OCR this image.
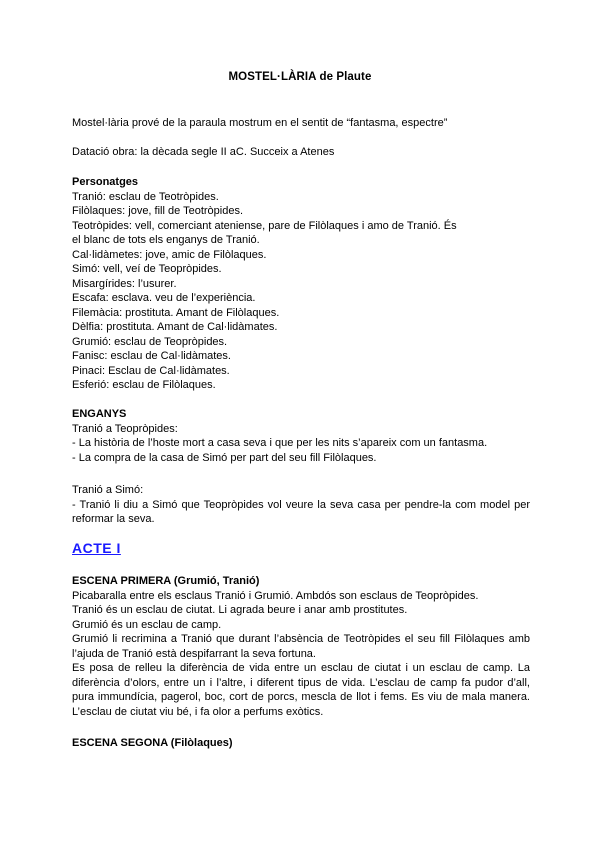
MOSTEL·LÀRIA de Plaute
Mostel·lària prové de la paraula mostrum en el sentit de “fantasma, espectre”
Datació obra: la dècada segle II aC. Succeix a Atenes
Personatges
Tranió: esclau de Teotròpides.
Filòlaques: jove, fill de Teotròpides.
Teotròpides: vell, comerciant ateniense, pare de Filòlaques i amo de Tranió. És
el blanc de tots els enganys de Tranió.
Cal·lidàmetes: jove, amic de Filòlaques.
Simó: vell, veí de Teopròpides.
Misargírides: l’usurer.
Escafa: esclava. veu de l’experiència.
Filemàcia: prostituta. Amant de Filòlaques.
Dèlfia: prostituta. Amant de Cal·lidàmates.
Grumió: esclau de Teopròpides.
Fanisc: esclau de Cal·lidàmates.
Pinaci: Esclau de Cal·lidàmates.
Esferió: esclau de Filòlaques.
ENGANYS
Tranió a Teopròpides:
- La història de l’hoste mort a casa seva i que per les nits s’apareix com un fantasma.
- La compra de la casa de Simó per part del seu fill Filòlaques.
Tranió a Simó:
- Tranió li diu a Simó que Teopròpides vol veure la seva casa per pendre-la com model per reformar la seva.
ACTE I
ESCENA PRIMERA (Grumió, Tranió)
Picabaralla entre els esclaus Tranió i Grumió. Ambdós son esclaus de Teopròpides.
Tranió és un esclau de ciutat. Li agrada beure i anar amb prostitutes.
Grumió és un esclau de camp.
Grumió li recrimina a Tranió que durant l’absència de Teotròpides el seu fill Filòlaques amb l’ajuda de Tranió està despifarrant la seva fortuna.
Es posa de relleu la diferència de vida entre un esclau de ciutat i un esclau de camp. La diferència d’olors, entre un i l’altre, i diferent tipus de vida. L’esclau de camp fa pudor d’all, pura immundícia, pagerol, boc, cort de porcs, mescla de llot i fems. Es viu de mala manera. L’esclau de ciutat viu bé, i fa olor a perfums exòtics.
ESCENA SEGONA (Filòlaques)
